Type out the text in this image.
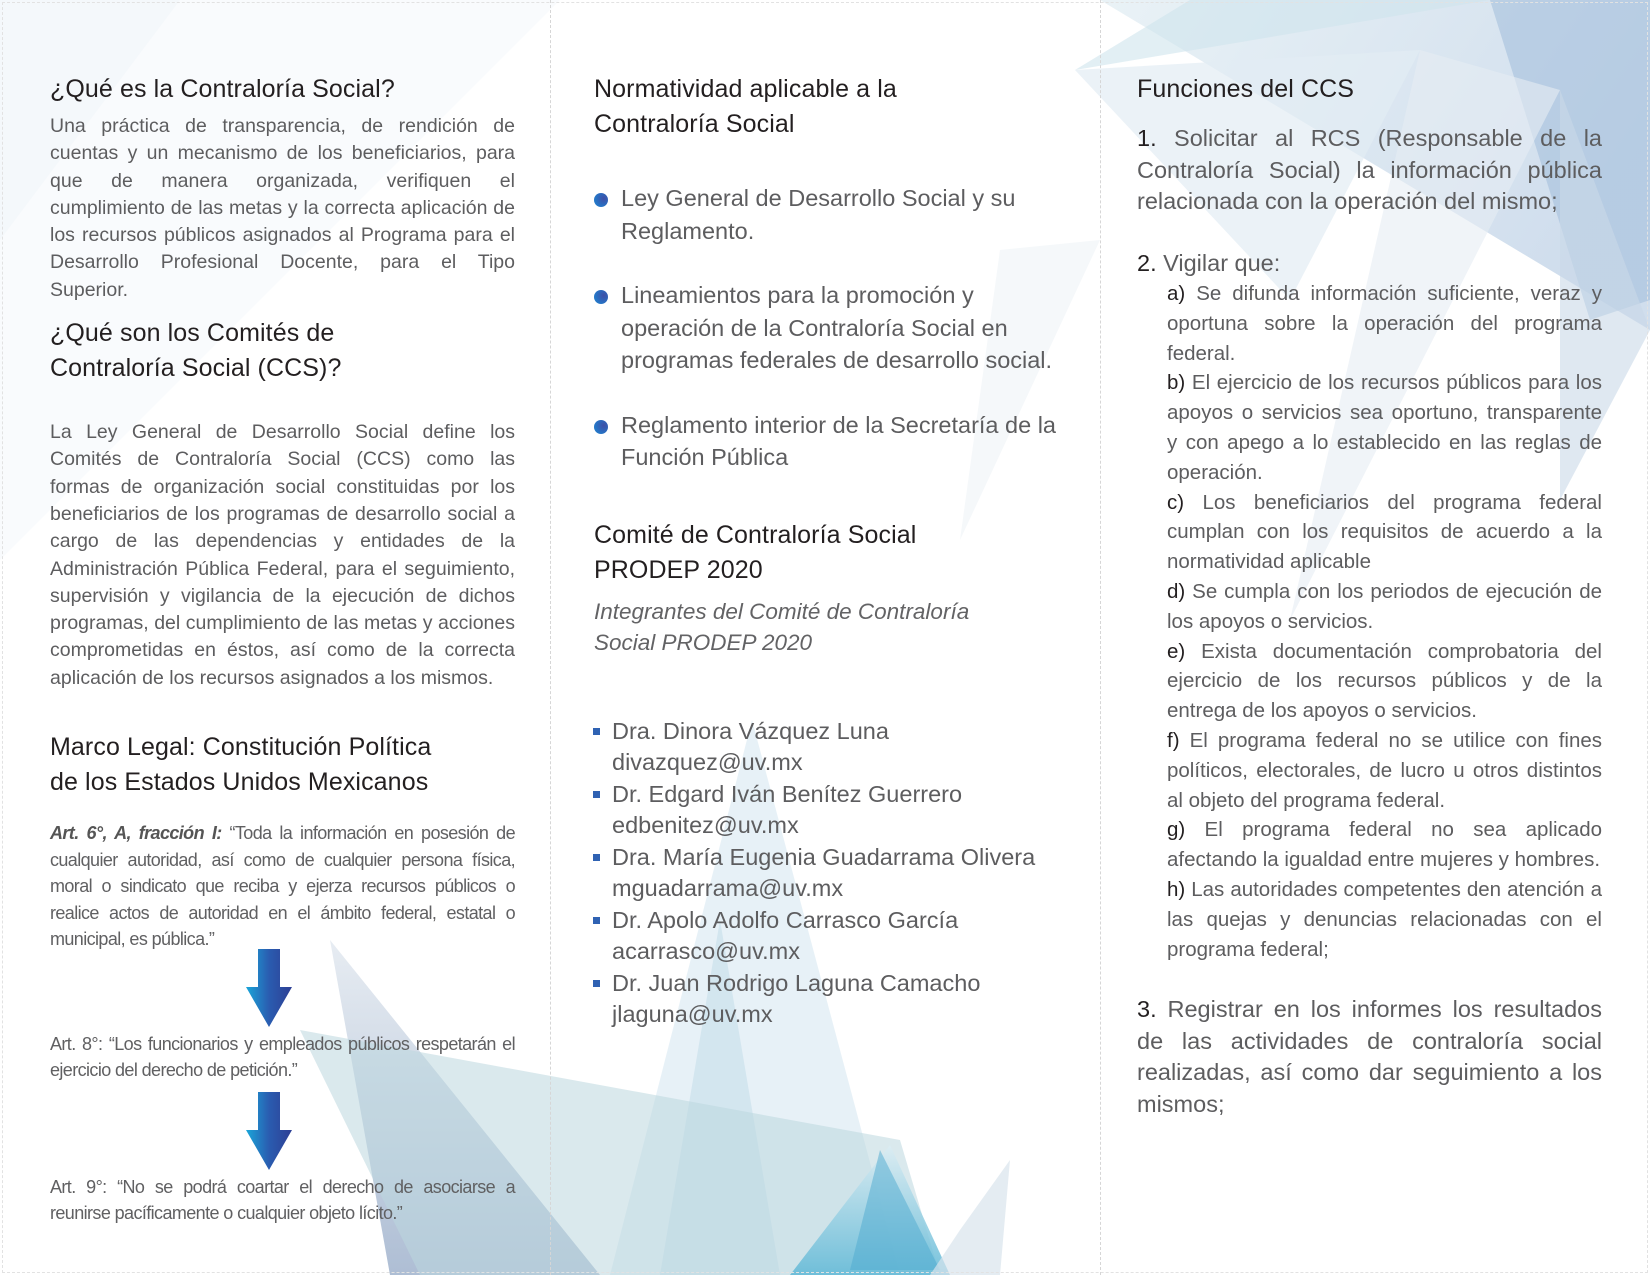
¿Qué es la Contraloría Social?

Una práctica de transparencia, de rendición de cuentas y un mecanismo de los beneficiarios, para que de manera organizada, verifiquen el cumplimiento de las metas y la correcta aplicación de los recursos públicos asignados al Programa para el Desarrollo Profesional Docente, para el Tipo Superior.

¿Qué son los Comités de
Contraloría Social (CCS)?

La Ley General de Desarrollo Social define los Comités de Contraloría Social (CCS) como las formas de organización social constituidas por los beneficiarios de los programas de desarrollo social a cargo de las dependencias y entidades de la Administración Pública Federal, para el seguimiento, supervisión y vigilancia de la ejecución de dichos programas, del cumplimiento de las metas y acciones comprometidas en éstos, así como de la correcta aplicación de los recursos asignados a los mismos.

Marco Legal: Constitución Política
de los Estados Unidos Mexicanos

Art. 6°, A, fracción I: “Toda la información en posesión de cualquier autoridad, así como de cualquier persona física, moral o sindicato que reciba y ejerza recursos públicos o realice actos de autoridad en el ámbito federal, estatal o municipal, es pública.”

Art. 8°: “Los funcionarios y empleados públicos respetarán el ejercicio del derecho de petición.”

Art. 9°: “No se podrá coartar el derecho de asociarse a reunirse pacíficamente o cualquier objeto lícito.”

Normatividad aplicable a la
Contraloría Social
Ley General de Desarrollo Social y su Reglamento.
Lineamientos para la promoción y operación de la Contraloría Social en programas federales de desarrollo social.
Reglamento interior de la Secretaría de la Función Pública
Comité de Contraloría Social
PRODEP 2020

Integrantes del Comité de Contraloría
Social PRODEP 2020

Dra. Dinora Vázquez Luna
divazquez@uv.mx
Dr. Edgard Iván Benítez Guerrero
edbenitez@uv.mx
Dra. María Eugenia Guadarrama Olivera
mguadarrama@uv.mx
Dr. Apolo Adolfo Carrasco García
acarrasco@uv.mx
Dr. Juan Rodrigo Laguna Camacho
jlaguna@uv.mx
Funciones del CCS

1. Solicitar al RCS (Responsable de la Contraloría Social) la información pública relacionada con la operación del mismo;

2. Vigilar que:

a) Se difunda información suficiente, veraz y oportuna sobre la operación del programa federal.

b) El ejercicio de los recursos públicos para los apoyos o servicios sea oportuno, transparente y con apego a lo establecido en las reglas de operación.

c) Los beneficiarios del programa federal cumplan con los requisitos de acuerdo a la normatividad aplicable

d) Se cumpla con los periodos de ejecución de los apoyos o servicios.

e) Exista documentación comprobatoria del ejercicio de los recursos públicos y de la entrega de los apoyos o servicios.

f) El programa federal no se utilice con fines políticos, electorales, de lucro u otros distintos al objeto del programa federal.

g) El programa federal no sea aplicado afectando la igualdad entre mujeres y hombres.

h) Las autoridades competentes den atención a las quejas y denuncias relacionadas con el programa federal;

3. Registrar en los informes los resultados de las actividades de contraloría social realizadas, así como dar seguimiento a los mismos;
